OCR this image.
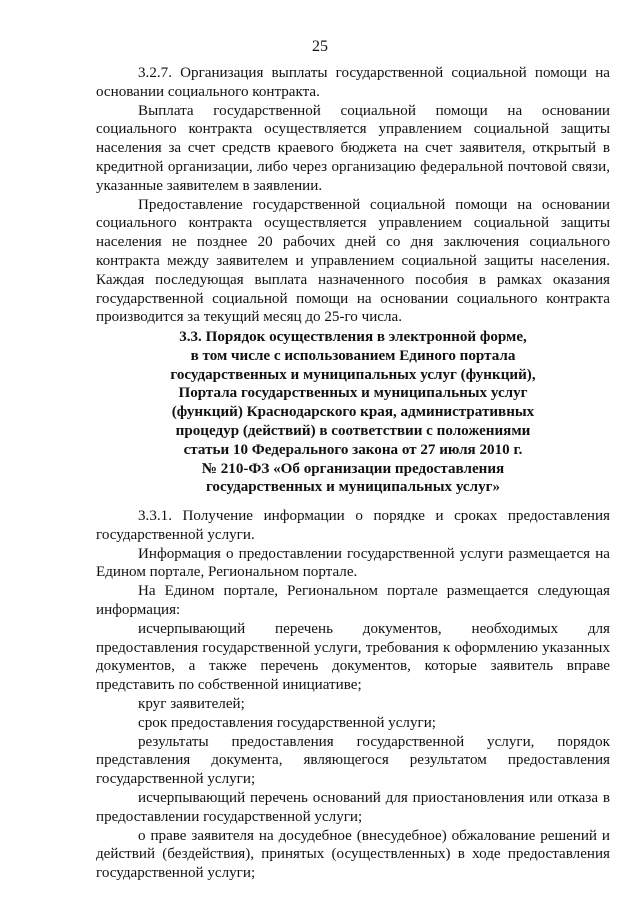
25

3.2.7. Организация выплаты государственной социальной помощи на основании социального контракта.

Выплата государственной социальной помощи на основании социального контракта осуществляется управлением социальной защиты населения за счет средств краевого бюджета на счет заявителя, открытый в кредитной организации, либо через организацию федеральной почтовой связи, указанные заявителем в заявлении.

Предоставление государственной социальной помощи на основании социального контракта осуществляется управлением социальной защиты населения не позднее 20 рабочих дней со дня заключения социального контракта между заявителем и управлением социальной защиты населения. Каждая последующая выплата назначенного пособия в рамках оказания государственной социальной помощи на основании социального контракта производится за текущий месяц до 25-го числа.

3.3. Порядок осуществления в электронной форме,
в том числе с использованием Единого портала
государственных и муниципальных услуг (функций),
Портала государственных и муниципальных услуг
(функций) Краснодарского края, административных
процедур (действий) в соответствии с положениями
статьи 10 Федерального закона от 27 июля 2010 г.
№ 210-ФЗ «Об организации предоставления
государственных и муниципальных услуг»

3.3.1. Получение информации о порядке и сроках предоставления государственной услуги.

Информация о предоставлении государственной услуги размещается на Едином портале, Региональном портале.

На Едином портале, Региональном портале размещается следующая информация:

исчерпывающий перечень документов, необходимых для предоставления государственной услуги, требования к оформлению указанных документов, а также перечень документов, которые заявитель вправе представить по собственной инициативе;

круг заявителей;

срок предоставления государственной услуги;

результаты предоставления государственной услуги, порядок представления документа, являющегося результатом предоставления государственной услуги;

исчерпывающий перечень оснований для приостановления или отказа в предоставлении государственной услуги;

о праве заявителя на досудебное (внесудебное) обжалование решений и действий (бездействия), принятых (осуществленных) в ходе предоставления государственной услуги;
